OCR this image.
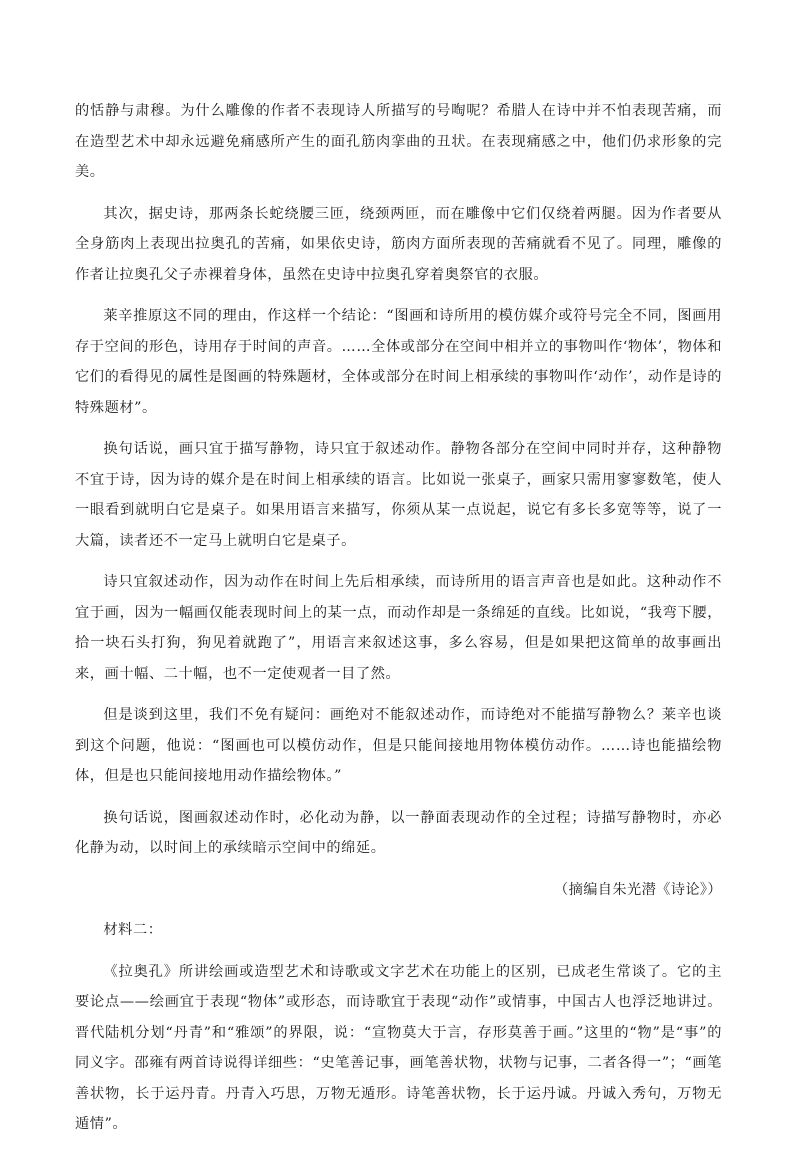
的恬静与肃穆。为什么雕像的作者不表现诗人所描写的号啕呢？希腊人在诗中并不怕表现苦痛，而在造型艺术中却永远避免痛感所产生的面孔筋肉挛曲的丑状。在表现痛感之中，他们仍求形象的完美。

其次，据史诗，那两条长蛇绕腰三匝，绕颈两匝，而在雕像中它们仅绕着两腿。因为作者要从全身筋肉上表现出拉奥孔的苦痛，如果依史诗，筋肉方面所表现的苦痛就看不见了。同理，雕像的作者让拉奥孔父子赤裸着身体，虽然在史诗中拉奥孔穿着奥祭官的衣服。

莱辛推原这不同的理由，作这样一个结论：“图画和诗所用的模仿媒介或符号完全不同，图画用存于空间的形色，诗用存于时间的声音。……全体或部分在空间中相并立的事物叫作‘物体’，物体和它们的看得见的属性是图画的特殊题材，全体或部分在时间上相承续的事物叫作‘动作’，动作是诗的特殊题材”。

换句话说，画只宜于描写静物，诗只宜于叙述动作。静物各部分在空间中同时并存，这种静物不宜于诗，因为诗的媒介是在时间上相承续的语言。比如说一张桌子，画家只需用寥寥数笔，使人一眼看到就明白它是桌子。如果用语言来描写，你须从某一点说起，说它有多长多宽等等，说了一大篇，读者还不一定马上就明白它是桌子。

诗只宜叙述动作，因为动作在时间上先后相承续，而诗所用的语言声音也是如此。这种动作不宜于画，因为一幅画仅能表现时间上的某一点，而动作却是一条绵延的直线。比如说，“我弯下腰，拾一块石头打狗，狗见着就跑了”，用语言来叙述这事，多么容易，但是如果把这简单的故事画出来，画十幅、二十幅，也不一定使观者一目了然。

但是谈到这里，我们不免有疑问：画绝对不能叙述动作，而诗绝对不能描写静物么？莱辛也谈到这个问题，他说：“图画也可以模仿动作，但是只能间接地用物体模仿动作。……诗也能描绘物体，但是也只能间接地用动作描绘物体。”

换句话说，图画叙述动作时，必化动为静，以一静面表现动作的全过程；诗描写静物时，亦必化静为动，以时间上的承续暗示空间中的绵延。

（摘编自朱光潜《诗论》）

材料二：

《拉奥孔》所讲绘画或造型艺术和诗歌或文字艺术在功能上的区别，已成老生常谈了。它的主要论点——绘画宜于表现“物体”或形态，而诗歌宜于表现“动作”或情事，中国古人也浮泛地讲过。晋代陆机分划“丹青”和“雅颂”的界限，说：“宣物莫大于言，存形莫善于画。”这里的“物”是“事”的同义字。邵雍有两首诗说得详细些：“史笔善记事，画笔善状物，状物与记事，二者各得一”；“画笔善状物，长于运丹青。丹青入巧思，万物无遁形。诗笔善状物，长于运丹诚。丹诚入秀句，万物无遁情”。
